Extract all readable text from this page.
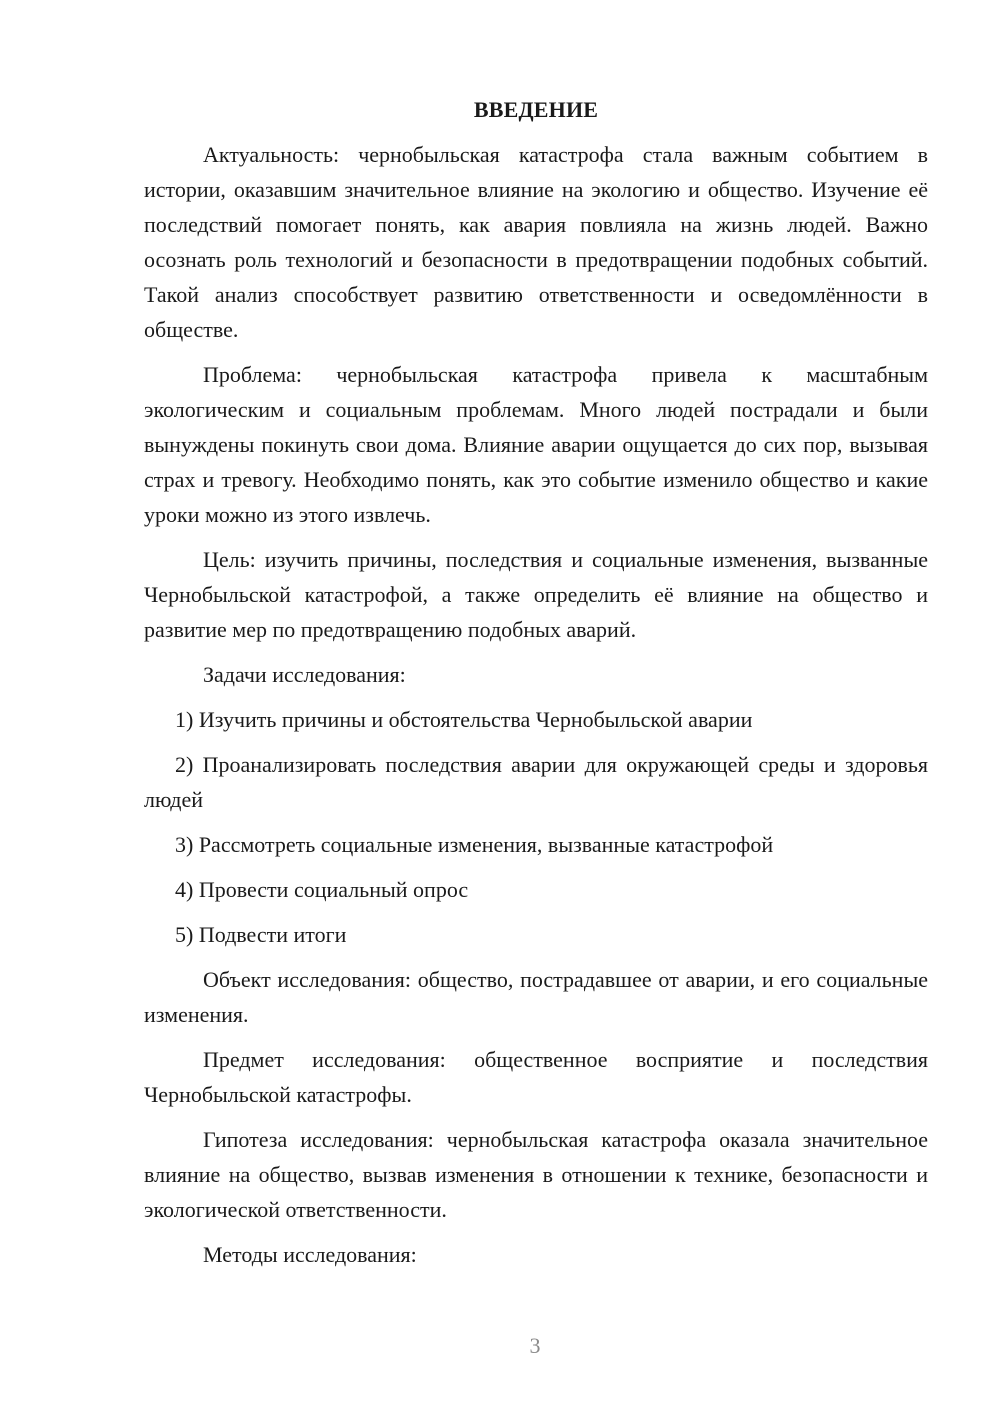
ВВЕДЕНИЕ

Актуальность: чернобыльская катастрофа стала важным событием в истории, оказавшим значительное влияние на экологию и общество. Изучение её последствий помогает понять, как авария повлияла на жизнь людей. Важно осознать роль технологий и безопасности в предотвращении подобных событий. Такой анализ способствует развитию ответственности и осведомлённости в обществе.

Проблема: чернобыльская катастрофа привела к масштабным экологическим и социальным проблемам. Много людей пострадали и были вынуждены покинуть свои дома. Влияние аварии ощущается до сих пор, вызывая страх и тревогу. Необходимо понять, как это событие изменило общество и какие уроки можно из этого извлечь.

Цель: изучить причины, последствия и социальные изменения, вызванные Чернобыльской катастрофой, а также определить её влияние на общество и развитие мер по предотвращению подобных аварий.

Задачи исследования:

1) Изучить причины и обстоятельства Чернобыльской аварии

2) Проанализировать последствия аварии для окружающей среды и здоровья людей

3) Рассмотреть социальные изменения, вызванные катастрофой

4) Провести социальный опрос

5) Подвести итоги

Объект исследования: общество, пострадавшее от аварии, и его социальные изменения.

Предмет исследования: общественное восприятие и последствия Чернобыльской катастрофы.

Гипотеза исследования: чернобыльская катастрофа оказала значительное влияние на общество, вызвав изменения в отношении к технике, безопасности и экологической ответственности.

Методы исследования:

3
